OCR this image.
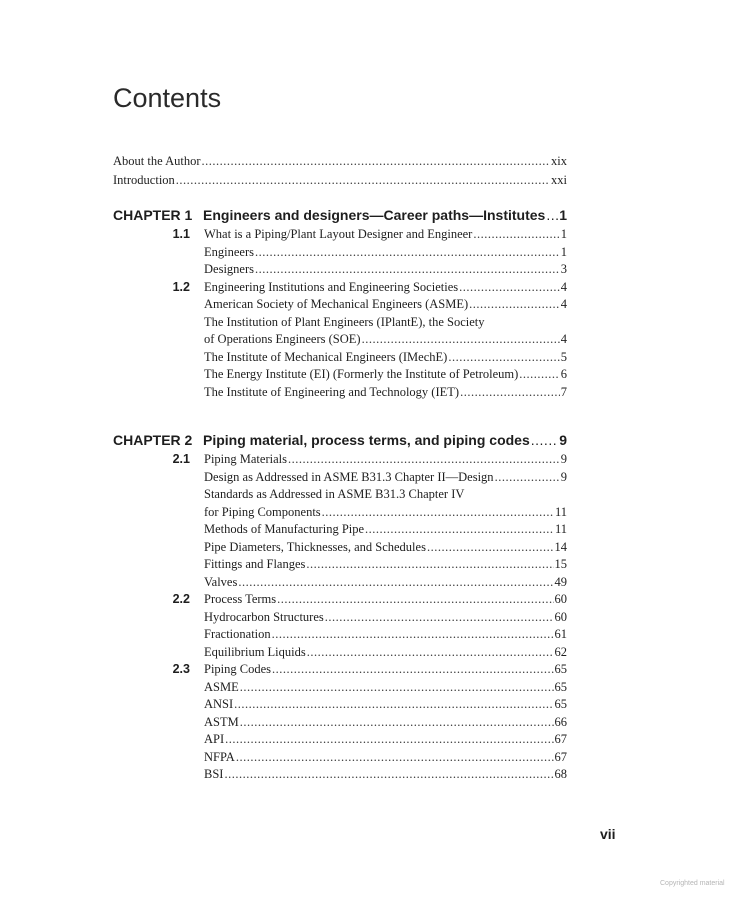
Contents
About the Author .....	xix
Introduction .....	xxi
CHAPTER 1 Engineers and designers—Career paths—Institutes ..... 1
1.1 What is a Piping/Plant Layout Designer and Engineer .....	1
Engineers .....	1
Designers .....	3
1.2 Engineering Institutions and Engineering Societies .....	4
American Society of Mechanical Engineers (ASME) .....	4
The Institution of Plant Engineers (IPlantE), the Society
of Operations Engineers (SOE) .....	4
The Institute of Mechanical Engineers (IMechE) .....	5
The Energy Institute (EI) (Formerly the Institute of Petroleum) .....	6
The Institute of Engineering and Technology (IET) .....	7
CHAPTER 2 Piping material, process terms, and piping codes ..... 9
2.1 Piping Materials .....	9
Design as Addressed in ASME B31.3 Chapter II—Design .....	9
Standards as Addressed in ASME B31.3 Chapter IV
for Piping Components .....	11
Methods of Manufacturing Pipe .....	11
Pipe Diameters, Thicknesses, and Schedules .....	14
Fittings and Flanges .....	15
Valves .....	49
2.2 Process Terms .....	60
Hydrocarbon Structures .....	60
Fractionation .....	61
Equilibrium Liquids .....	62
2.3 Piping Codes .....	65
ASME .....	65
ANSI .....	65
ASTM .....	66
API .....	67
NFPA .....	67
BSI .....	68
vii
Copyrighted material
